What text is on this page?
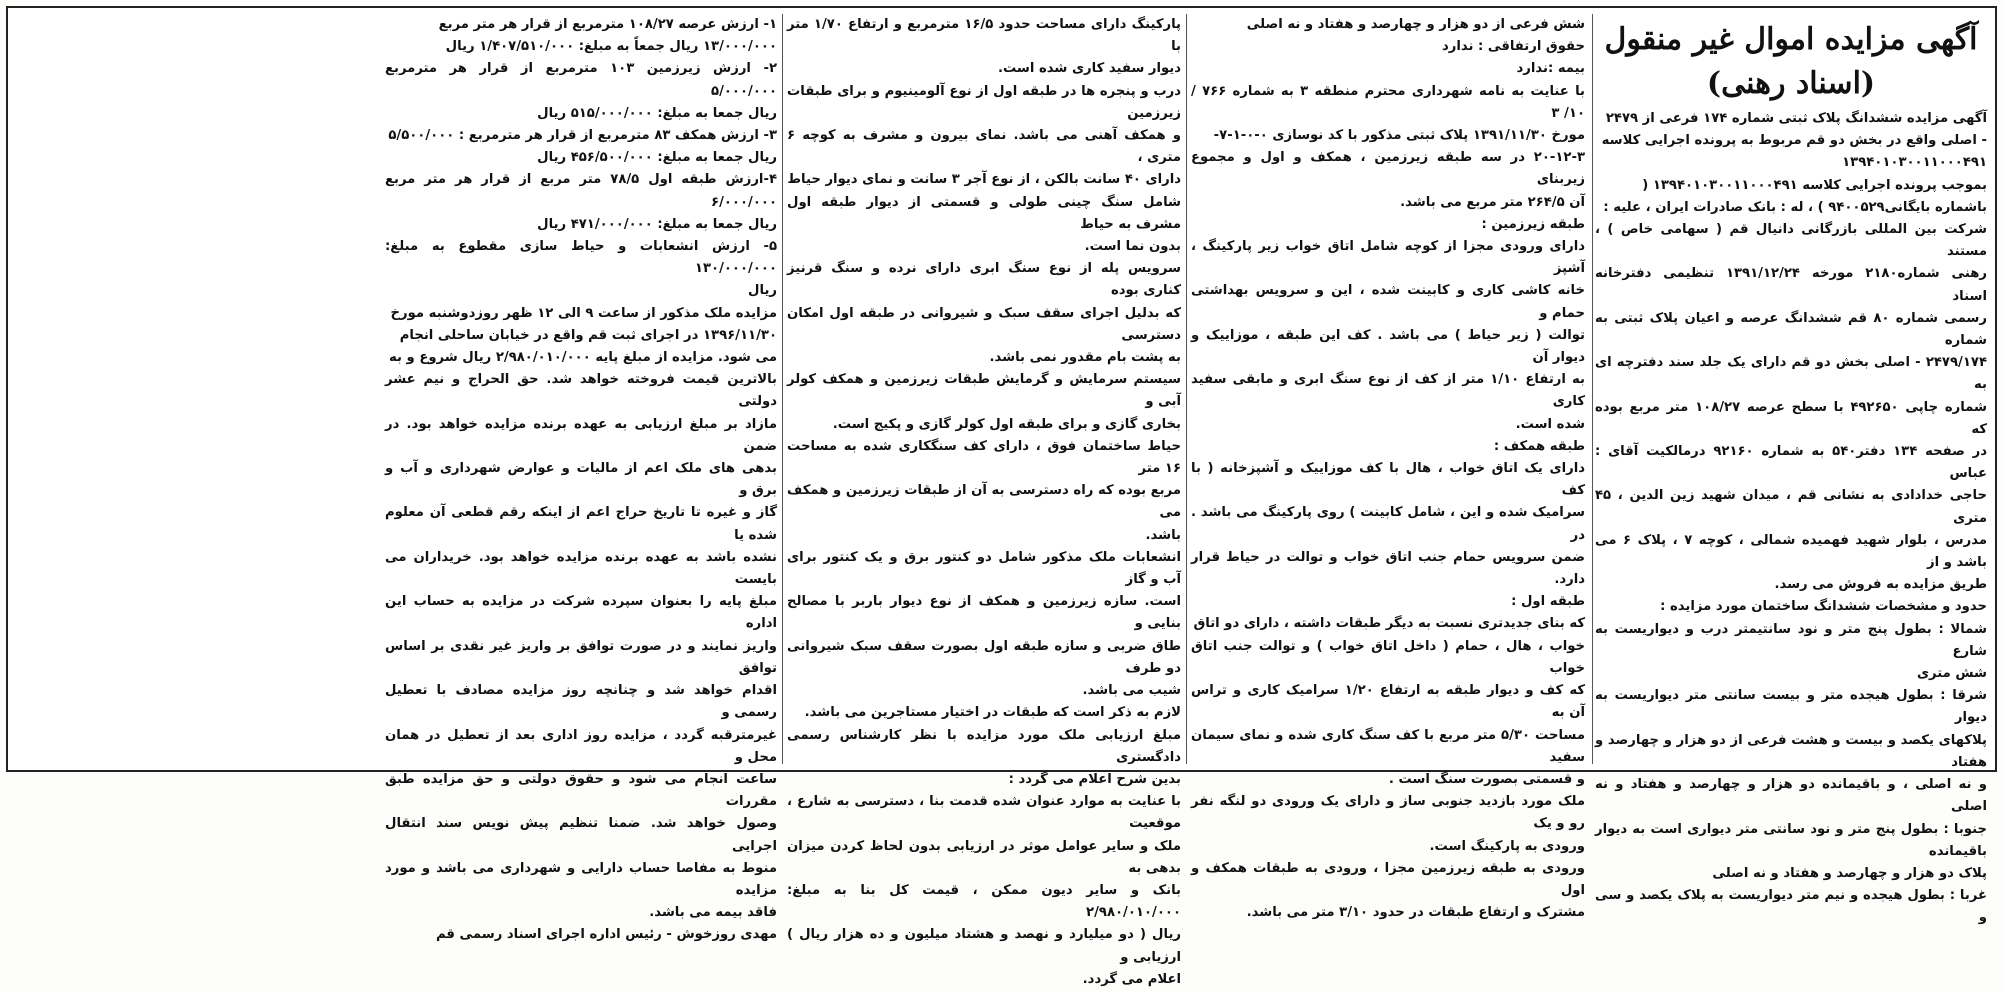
آگهی مزایده اموال غیر منقول
(اسناد رهنی)
آگهی مزایده ششدانگ پلاک ثبتی شماره ۱۷۴ فرعی از ۲۴۷۹
- اصلی واقع در بخش دو قم مربوط به پرونده اجرایی کلاسه
۱۳۹۴۰۱۰۳۰۰۱۱۰۰۰۴۹۱
بموجب پرونده اجرایی کلاسه ۱۳۹۴۰۱۰۳۰۰۱۱۰۰۰۴۹۱ (
باشماره بایگانی۹۴۰۰۵۲۹ ) ، له : بانک صادرات ایران ، علیه :
شرکت بین المللی بازرگانی دانیال قم ( سهامی خاص ) ، مستند
رهنی شماره۲۱۸۰ مورخه ۱۳۹۱/۱۲/۲۴ تنظیمی دفترخانه اسناد
رسمی شماره ۸۰ قم ششدانگ عرصه و اعیان پلاک ثبتی به شماره
۲۴۷۹/۱۷۴ - اصلی بخش دو قم دارای یک جلد سند دفترچه ای به
شماره چاپی ۴۹۲۶۵۰ با سطح عرصه ۱۰۸/۲۷ متر مربع بوده که
در صفحه ۱۳۴ دفتر۵۴۰ به شماره ۹۲۱۶۰ درمالکیت آقای : عباس
حاجی خدادادی به نشانی قم ، میدان شهید زین الدین ، ۴۵ متری
مدرس ، بلوار شهید فهمیده شمالی ، کوچه ۷ ، پلاک ۶ می باشد و از
طریق مزایده به فروش می رسد.
حدود و مشخصات ششدانگ ساختمان مورد مزایده :
شمالا : بطول پنج متر و نود سانتیمتر درب و دیواریست به شارع
شش متری
شرقا : بطول هیجده متر و بیست سانتی متر دیواریست به دیوار
پلاکهای یکصد و بیست و هشت فرعی از دو هزار و چهارصد و هفتاد
و نه اصلی ، و باقیمانده دو هزار و چهارصد و هفتاد و نه اصلی
جنوبا : بطول پنج متر و نود سانتی متر دیواری است به دیوار باقیمانده
پلاک دو هزار و چهارصد و هفتاد و نه اصلی
غربا : بطول هیجده و نیم متر دیواریست به پلاک یکصد و سی و
شش فرعی از دو هزار و چهارصد و هفتاد و نه اصلی
حقوق ارتفاقی : ندارد
بیمه :ندارد
با عنایت به نامه شهرداری محترم منطقه ۳ به شماره ۷۶۶ /۱۰/ ۳
مورخ ۱۳۹۱/۱۱/۳۰ پلاک ثبتی مذکور با کد نوسازی ۰-۰-۱-۷-
۲۰-۱۲-۳ در سه طبقه زیرزمین ، همکف و اول و مجموع زیربنای
آن ۲۶۴/۵ متر مربع می باشد.
طبقه زیرزمین :
دارای ورودی مجزا از کوچه شامل اتاق خواب زیر پارکینگ ، آشپز
خانه کاشی کاری و کابینت شده ، این و سرویس بهداشتی حمام و
توالت ( زیر حیاط ) می باشد . کف این طبقه ، موزاییک و دیوار آن
به ارتفاع ۱/۱۰ متر از کف از نوع سنگ ابری و مابقی سفید کاری
شده است.
طبقه همکف :
دارای یک اتاق خواب ، هال با کف موزاییک و آشپزخانه ( با کف
سرامیک شده و این ، شامل کابینت ) روی پارکینگ می باشد . در
ضمن سرویس حمام جنب اتاق خواب و توالت در حیاط قرار دارد.
طبقه اول :
که بنای جدیدتری نسبت به دیگر طبقات داشته ، دارای دو اتاق
خواب ، هال ، حمام ( داخل اتاق خواب ) و توالت جنب اتاق خواب
که کف و دیوار طبقه به ارتفاع ۱/۲۰ سرامیک کاری و تراس آن به
مساحت ۵/۳۰ متر مربع با کف سنگ کاری شده و نمای سیمان سفید
و قسمتی بصورت سنگ است .
ملک مورد بازدید جنوبی ساز و دارای یک ورودی دو لنگه نفر رو و یک
ورودی به پارکینگ است.
ورودی به طبقه زیرزمین مجزا ، ورودی به طبقات همکف و اول
مشترک و ارتفاع طبقات در حدود ۳/۱۰ متر می باشد.
پارکینگ دارای مساحت حدود ۱۶/۵ مترمربع و ارتفاع ۱/۷۰ متر با
دیوار سفید کاری شده است.
درب و پنجره ها در طبقه اول از نوع آلومینیوم و برای طبقات زیرزمین
و همکف آهنی می باشد. نمای بیرون و مشرف به کوچه ۶ متری ،
دارای ۴۰ سانت بالکن ، از نوع آجر ۳ سانت و نمای دیوار حیاط
شامل سنگ چینی طولی و قسمتی از دیوار طبقه اول مشرف به حیاط
بدون نما است.
سرویس پله از نوع سنگ ابری دارای نرده و سنگ قرنیز کناری بوده
که بدلیل اجرای سقف سبک و شیروانی در طبقه اول امکان دسترسی
به پشت بام مقدور نمی باشد.
سیستم سرمایش و گرمایش طبقات زیرزمین و همکف کولر آبی و
بخاری گازی و برای طبقه اول کولر گازی و پکیج است.
حیاط ساختمان فوق ، دارای کف سنگکاری شده به مساحت ۱۶ متر
مربع بوده که راه دسترسی به آن از طبقات زیرزمین و همکف می
باشد.
انشعابات ملک مذکور شامل دو کنتور برق و یک کنتور برای آب و گاز
است. سازه زیرزمین و همکف از نوع دیوار باربر با مصالح بنایی و
طاق ضربی و سازه طبقه اول بصورت سقف سبک شیروانی دو طرف
شیب می باشد.
لازم به ذکر است که طبقات در اختیار مستاجرین می باشد.
مبلغ ارزیابی ملک مورد مزایده با نظر کارشناس رسمی دادگستری
بدین شرح اعلام می گردد :
با عنایت به موارد عنوان شده قدمت بنا ، دسترسی به شارع ، موقعیت
ملک و سایر عوامل موثر در ارزیابی بدون لحاظ کردن میزان بدهی به
بانک و سایر دیون ممکن ، قیمت کل بنا به مبلغ: ۲/۹۸۰/۰۱۰/۰۰۰
ریال ( دو میلیارد و نهصد و هشتاد میلیون و ده هزار ریال ) ارزیابی و
اعلام می گردد.
۱- ارزش عرصه ۱۰۸/۲۷ مترمربع از قرار هر متر مربع
۱۳/۰۰۰/۰۰۰ ریال جمعاً به مبلغ: ۱/۴۰۷/۵۱۰/۰۰۰ ریال
۲- ارزش زیرزمین ۱۰۳ مترمربع از قرار هر مترمربع ۵/۰۰۰/۰۰۰
ریال جمعا به مبلغ: ۵۱۵/۰۰۰/۰۰۰ ریال
۳- ارزش همکف ۸۳ مترمربع از قرار هر مترمربع : ۵/۵۰۰/۰۰۰
ریال جمعا به مبلغ: ۴۵۶/۵۰۰/۰۰۰ ریال
۴-ارزش طبقه اول ۷۸/۵ متر مربع از قرار هر متر مربع ۶/۰۰۰/۰۰۰
ریال جمعا به مبلغ: ۴۷۱/۰۰۰/۰۰۰ ریال
۵- ارزش انشعابات و حیاط سازی مقطوع به مبلغ: ۱۳۰/۰۰۰/۰۰۰
ریال
مزایده ملک مذکور از ساعت ۹ الی ۱۲ ظهر روزدوشنبه مورخ
۱۳۹۶/۱۱/۳۰ در اجرای ثبت قم واقع در خیابان ساحلی انجام
می شود. مزایده از مبلغ پایه ۲/۹۸۰/۰۱۰/۰۰۰ ریال شروع و به
بالاترین قیمت فروخته خواهد شد. حق الحراج و نیم عشر دولتی
مازاد بر مبلغ ارزیابی به عهده برنده مزایده خواهد بود. در ضمن
بدهی های ملک اعم از مالیات و عوارض شهرداری و آب و برق و
گاز و غیره تا تاریخ حراج اعم از اینکه رقم قطعی آن معلوم شده یا
نشده باشد به عهده برنده مزایده خواهد بود. خریداران می بایست
مبلغ پایه را بعنوان سپرده شرکت در مزایده به حساب این اداره
واریز نمایند و در صورت توافق بر واریز غیر نقدی بر اساس توافق
اقدام خواهد شد و چنانچه روز مزایده مصادف با تعطیل رسمی و
غیرمترقبه گردد ، مزایده روز اداری بعد از تعطیل در همان محل و
ساعت انجام می شود و حقوق دولتی و حق مزایده طبق مقررات
وصول خواهد شد. ضمنا تنظیم پیش نویس سند انتقال اجرایی
منوط به مفاصا حساب دارایی و شهرداری می باشد و مورد مزایده
فاقد بیمه می باشد.
مهدی روزخوش - رئیس اداره اجرای اسناد رسمی قم
